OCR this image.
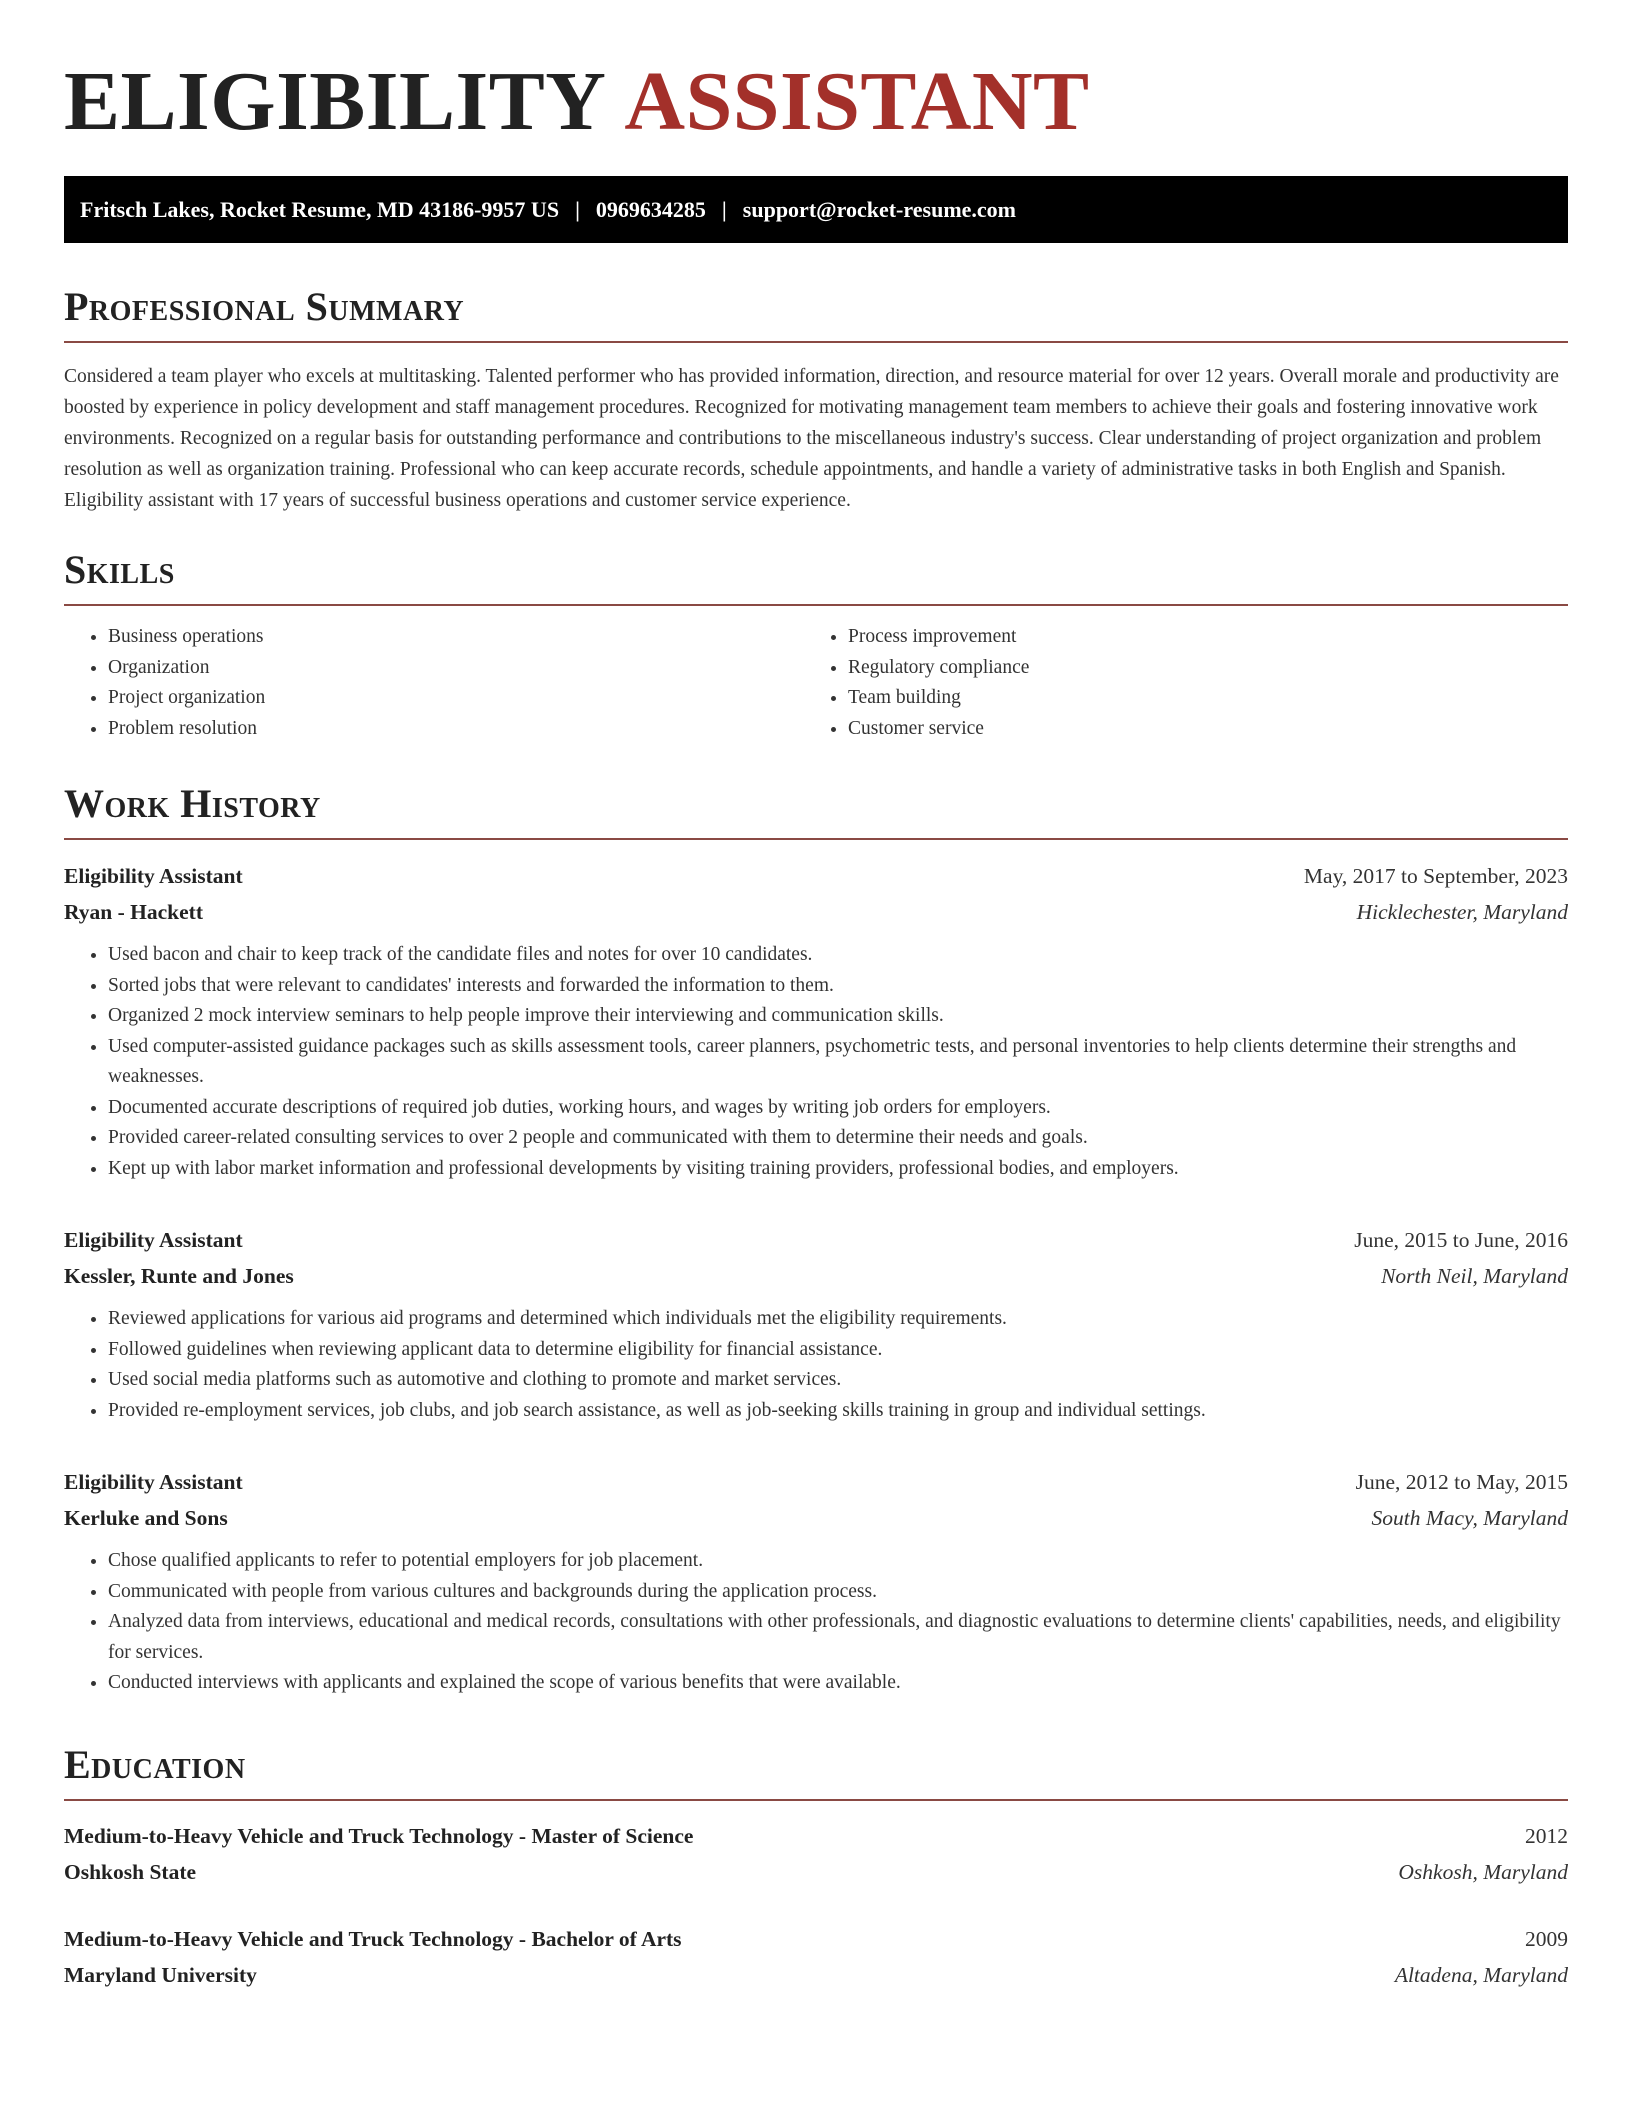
ELIGIBILITY ASSISTANT
Fritsch Lakes, Rocket Resume, MD 43186-9957 US | 0969634285 | support@rocket-resume.com
Professional Summary

Considered a team player who excels at multitasking. Talented performer who has provided information, direction, and resource material for over 12 years. Overall morale and productivity are boosted by experience in policy development and staff management procedures. Recognized for motivating management team members to achieve their goals and fostering innovative work environments. Recognized on a regular basis for outstanding performance and contributions to the miscellaneous industry's success. Clear understanding of project organization and problem resolution as well as organization training. Professional who can keep accurate records, schedule appointments, and handle a variety of administrative tasks in both English and Spanish. Eligibility assistant with 17 years of successful business operations and customer service experience.

Skills
• Business operations
• Organization
• Project organization
• Problem resolution
• Process improvement
• Regulatory compliance
• Team building
• Customer service
Work History
Eligibility Assistant	May, 2017 to September, 2023
Ryan - Hackett	Hicklechester, Maryland
• Used bacon and chair to keep track of the candidate files and notes for over 10 candidates.
• Sorted jobs that were relevant to candidates' interests and forwarded the information to them.
• Organized 2 mock interview seminars to help people improve their interviewing and communication skills.
• Used computer-assisted guidance packages such as skills assessment tools, career planners, psychometric tests, and personal inventories to help clients determine their strengths and weaknesses.
• Documented accurate descriptions of required job duties, working hours, and wages by writing job orders for employers.
• Provided career-related consulting services to over 2 people and communicated with them to determine their needs and goals.
• Kept up with labor market information and professional developments by visiting training providers, professional bodies, and employers.
Eligibility Assistant	June, 2015 to June, 2016
Kessler, Runte and Jones	North Neil, Maryland
• Reviewed applications for various aid programs and determined which individuals met the eligibility requirements.
• Followed guidelines when reviewing applicant data to determine eligibility for financial assistance.
• Used social media platforms such as automotive and clothing to promote and market services.
• Provided re-employment services, job clubs, and job search assistance, as well as job-seeking skills training in group and individual settings.
Eligibility Assistant	June, 2012 to May, 2015
Kerluke and Sons	South Macy, Maryland
• Chose qualified applicants to refer to potential employers for job placement.
• Communicated with people from various cultures and backgrounds during the application process.
• Analyzed data from interviews, educational and medical records, consultations with other professionals, and diagnostic evaluations to determine clients' capabilities, needs, and eligibility for services.
• Conducted interviews with applicants and explained the scope of various benefits that were available.
Education
Medium-to-Heavy Vehicle and Truck Technology - Master of Science	2012
Oshkosh State	Oshkosh, Maryland
Medium-to-Heavy Vehicle and Truck Technology - Bachelor of Arts	2009
Maryland University	Altadena, Maryland
